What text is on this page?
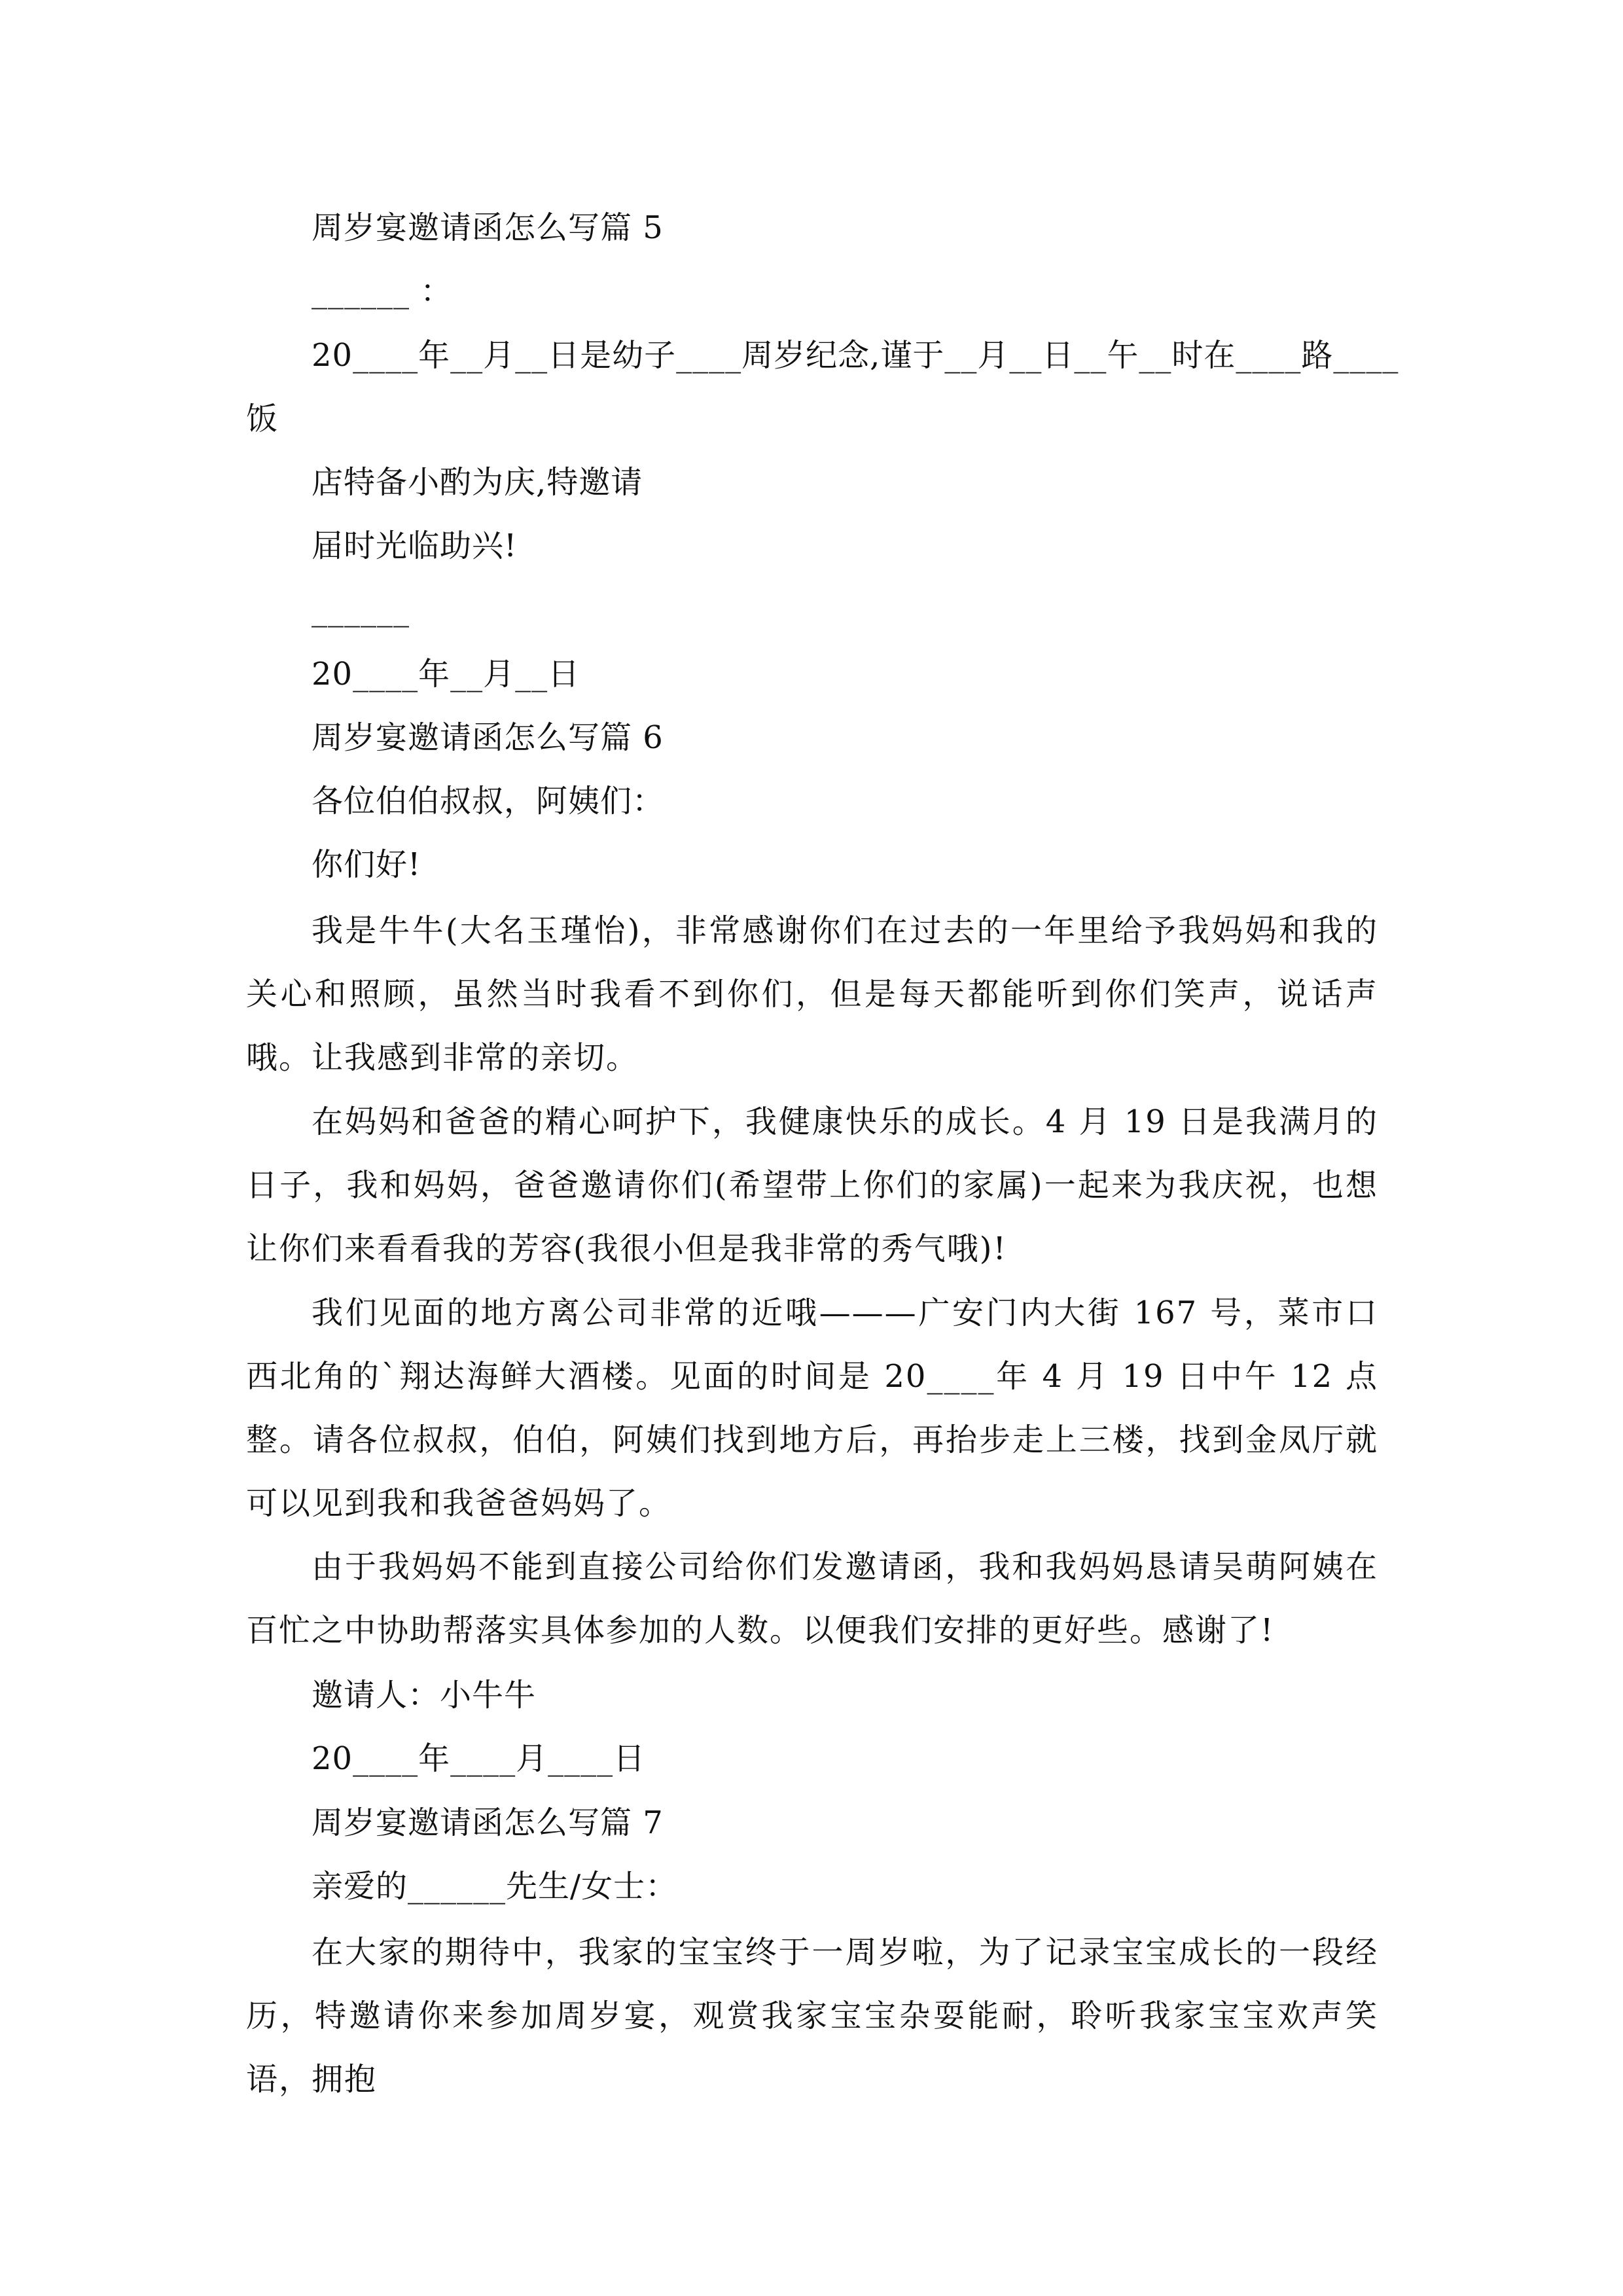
周岁宴邀请函怎么写篇 5
______ ：
20____年__月__日是幼子____周岁纪念,谨于__月__日__午__时在____路____
饭
店特备小酌为庆,特邀请
届时光临助兴!
______
20____年__月__日
周岁宴邀请函怎么写篇 6
各位伯伯叔叔，阿姨们：
你们好!
我是牛牛(大名玉瑾怡)，非常感谢你们在过去的一年里给予我妈妈和我的关心和照顾，虽然当时我看不到你们，但是每天都能听到你们笑声，说话声哦。让我感到非常的亲切。
在妈妈和爸爸的精心呵护下，我健康快乐的成长。4 月 19 日是我满月的日子，我和妈妈，爸爸邀请你们(希望带上你们的家属)一起来为我庆祝，也想让你们来看看我的芳容(我很小但是我非常的秀气哦)!
我们见面的地方离公司非常的近哦———广安门内大街 167 号，菜市口西北角的`翔达海鲜大酒楼。见面的时间是 20____年 4 月 19 日中午 12 点整。请各位叔叔，伯伯，阿姨们找到地方后，再抬步走上三楼，找到金凤厅就可以见到我和我爸爸妈妈了。
由于我妈妈不能到直接公司给你们发邀请函，我和我妈妈恳请吴萌阿姨在百忙之中协助帮落实具体参加的人数。以便我们安排的更好些。感谢了!
邀请人：小牛牛
20____年____月____日
周岁宴邀请函怎么写篇 7
亲爱的______先生/女士：
在大家的期待中，我家的宝宝终于一周岁啦，为了记录宝宝成长的一段经历，特邀请你来参加周岁宴，观赏我家宝宝杂耍能耐，聆听我家宝宝欢声笑语，拥抱
